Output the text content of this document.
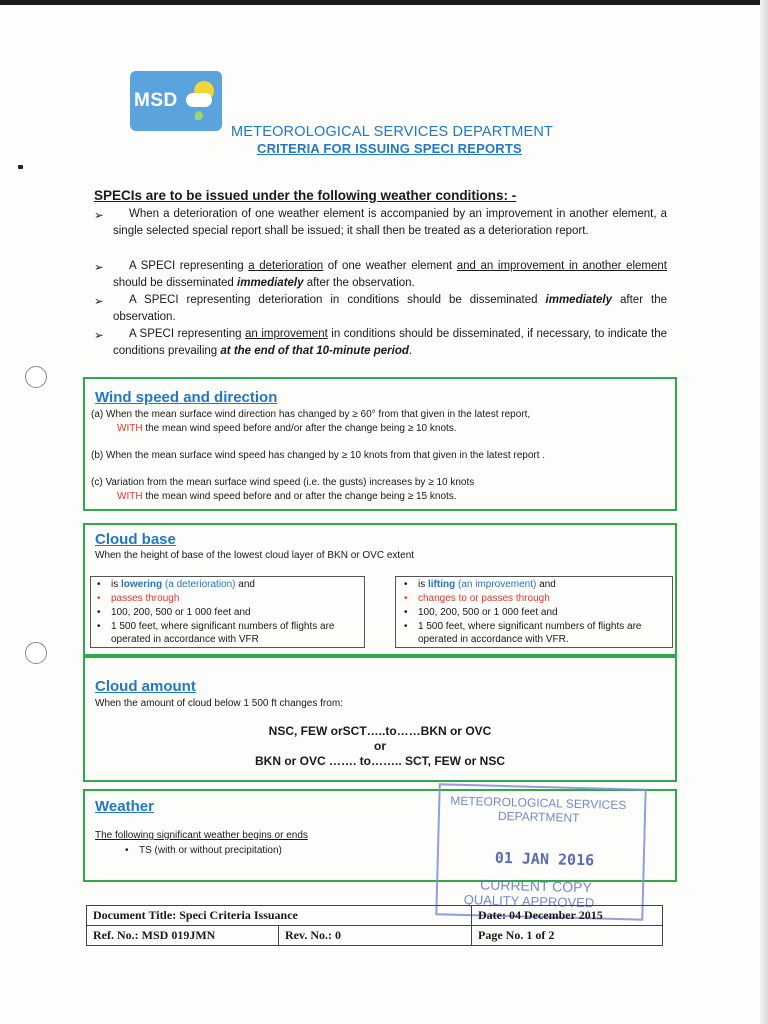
MSD
METEOROLOGICAL SERVICES DEPARTMENT
CRITERIA FOR ISSUING SPECI REPORTS
SPECIs are to be issued under the following weather conditions: -
➢	When a deterioration of one weather element is accompanied by an improvement in another element, a single selected special report shall be issued; it shall then be treated as a deterioration report.
➢	A SPECI representing a deterioration of one weather element and an improvement in another element should be disseminated immediately after the observation.
➢	A SPECI representing deterioration in conditions should be disseminated immediately after the observation.
➢	A SPECI representing an improvement in conditions should be disseminated, if necessary, to indicate the conditions prevailing at the end of that 10-minute period.
Wind speed and direction
(a) When the mean surface wind direction has changed by ≥ 60° from that given in the latest report,
WITH the mean wind speed before and/or after the change being ≥ 10 knots.
(b) When the mean surface wind speed has changed by ≥ 10 knots from that given in the latest report .
(c) Variation from the mean surface wind speed (i.e. the gusts) increases by ≥ 10 knots
WITH the mean wind speed before and or after the change being ≥ 15 knots.
Cloud base
When the height of base of the lowest cloud layer of BKN or OVC extent
• is lowering (a deterioration) and
• passes through
• 100, 200, 500 or 1 000 feet and
• 1 500 feet, where significant numbers of flights are operated in accordance with VFR
• is lifting (an improvement) and
• changes to or passes through
• 100, 200, 500 or 1 000 feet and
• 1 500 feet, where significant numbers of flights are operated in accordance with VFR.
Cloud amount
When the amount of cloud below 1 500 ft changes from:
NSC, FEW orSCT…..to……BKN or OVC
or
BKN or OVC ……. to…….. SCT, FEW or NSC
Weather
The following significant weather begins or ends
• TS (with or without precipitation)
METEOROLOGICAL SERVICES
DEPARTMENT
01 JAN 2016
CURRENT COPY
QUALITY APPROVED
Document Title: Speci Criteria Issuance	Date: 04 December 2015
Ref. No.: MSD 019JMN	Rev. No.: 0	Page No. 1 of 2
